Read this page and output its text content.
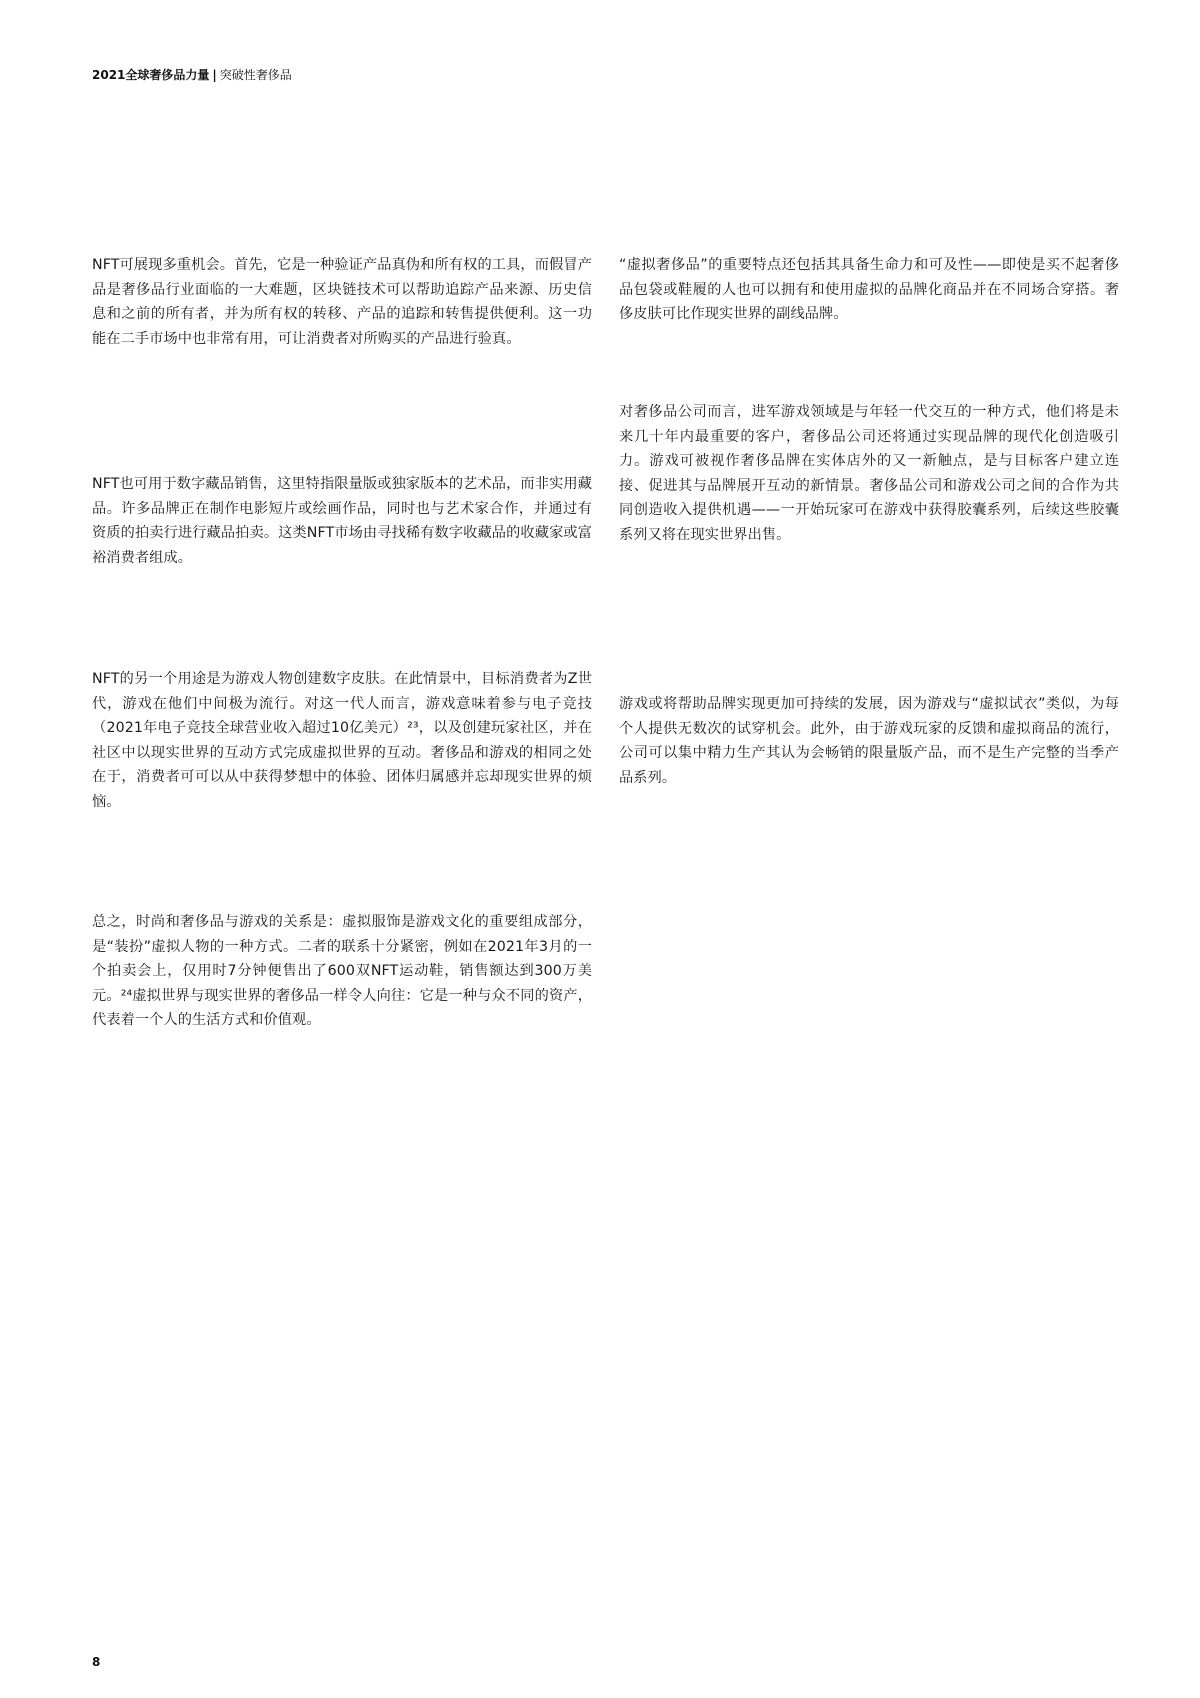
2021全球奢侈品力量 | 突破性奢侈品

NFT可展现多重机会。首先，它是一种验证产品真伪和所有权的工具，而假冒产品是奢侈品行业面临的一大难题，区块链技术可以帮助追踪产品来源、历史信息和之前的所有者，并为所有权的转移、产品的追踪和转售提供便利。这一功能在二手市场中也非常有用，可让消费者对所购买的产品进行验真。

NFT也可用于数字藏品销售，这里特指限量版或独家版本的艺术品，而非实用藏品。许多品牌正在制作电影短片或绘画作品，同时也与艺术家合作，并通过有资质的拍卖行进行藏品拍卖。这类NFT市场由寻找稀有数字收藏品的收藏家或富裕消费者组成。

NFT的另一个用途是为游戏人物创建数字皮肤。在此情景中，目标消费者为Z世代，游戏在他们中间极为流行。对这一代人而言，游戏意味着参与电子竞技（2021年电子竞技全球营业收入超过10亿美元）²³，以及创建玩家社区，并在社区中以现实世界的互动方式完成虚拟世界的互动。奢侈品和游戏的相同之处在于，消费者可可以从中获得梦想中的体验、团体归属感并忘却现实世界的烦恼。

总之，时尚和奢侈品与游戏的关系是：虚拟服饰是游戏文化的重要组成部分，是“装扮”虚拟人物的一种方式。二者的联系十分紧密，例如在2021年3月的一个拍卖会上，仅用时7分钟便售出了600双NFT运动鞋，销售额达到300万美元。²⁴虚拟世界与现实世界的奢侈品一样令人向往：它是一种与众不同的资产，代表着一个人的生活方式和价值观。

“虚拟奢侈品”的重要特点还包括其具备生命力和可及性——即使是买不起奢侈品包袋或鞋履的人也可以拥有和使用虚拟的品牌化商品并在不同场合穿搭。奢侈皮肤可比作现实世界的副线品牌。

对奢侈品公司而言，进军游戏领域是与年轻一代交互的一种方式，他们将是未来几十年内最重要的客户，奢侈品公司还将通过实现品牌的现代化创造吸引力。游戏可被视作奢侈品牌在实体店外的又一新触点，是与目标客户建立连接、促进其与品牌展开互动的新情景。奢侈品公司和游戏公司之间的合作为共同创造收入提供机遇——一开始玩家可在游戏中获得胶囊系列，后续这些胶囊系列又将在现实世界出售。

游戏或将帮助品牌实现更加可持续的发展，因为游戏与“虚拟试衣”类似，为每个人提供无数次的试穿机会。此外，由于游戏玩家的反馈和虚拟商品的流行，公司可以集中精力生产其认为会畅销的限量版产品，而不是生产完整的当季产品系列。

8
